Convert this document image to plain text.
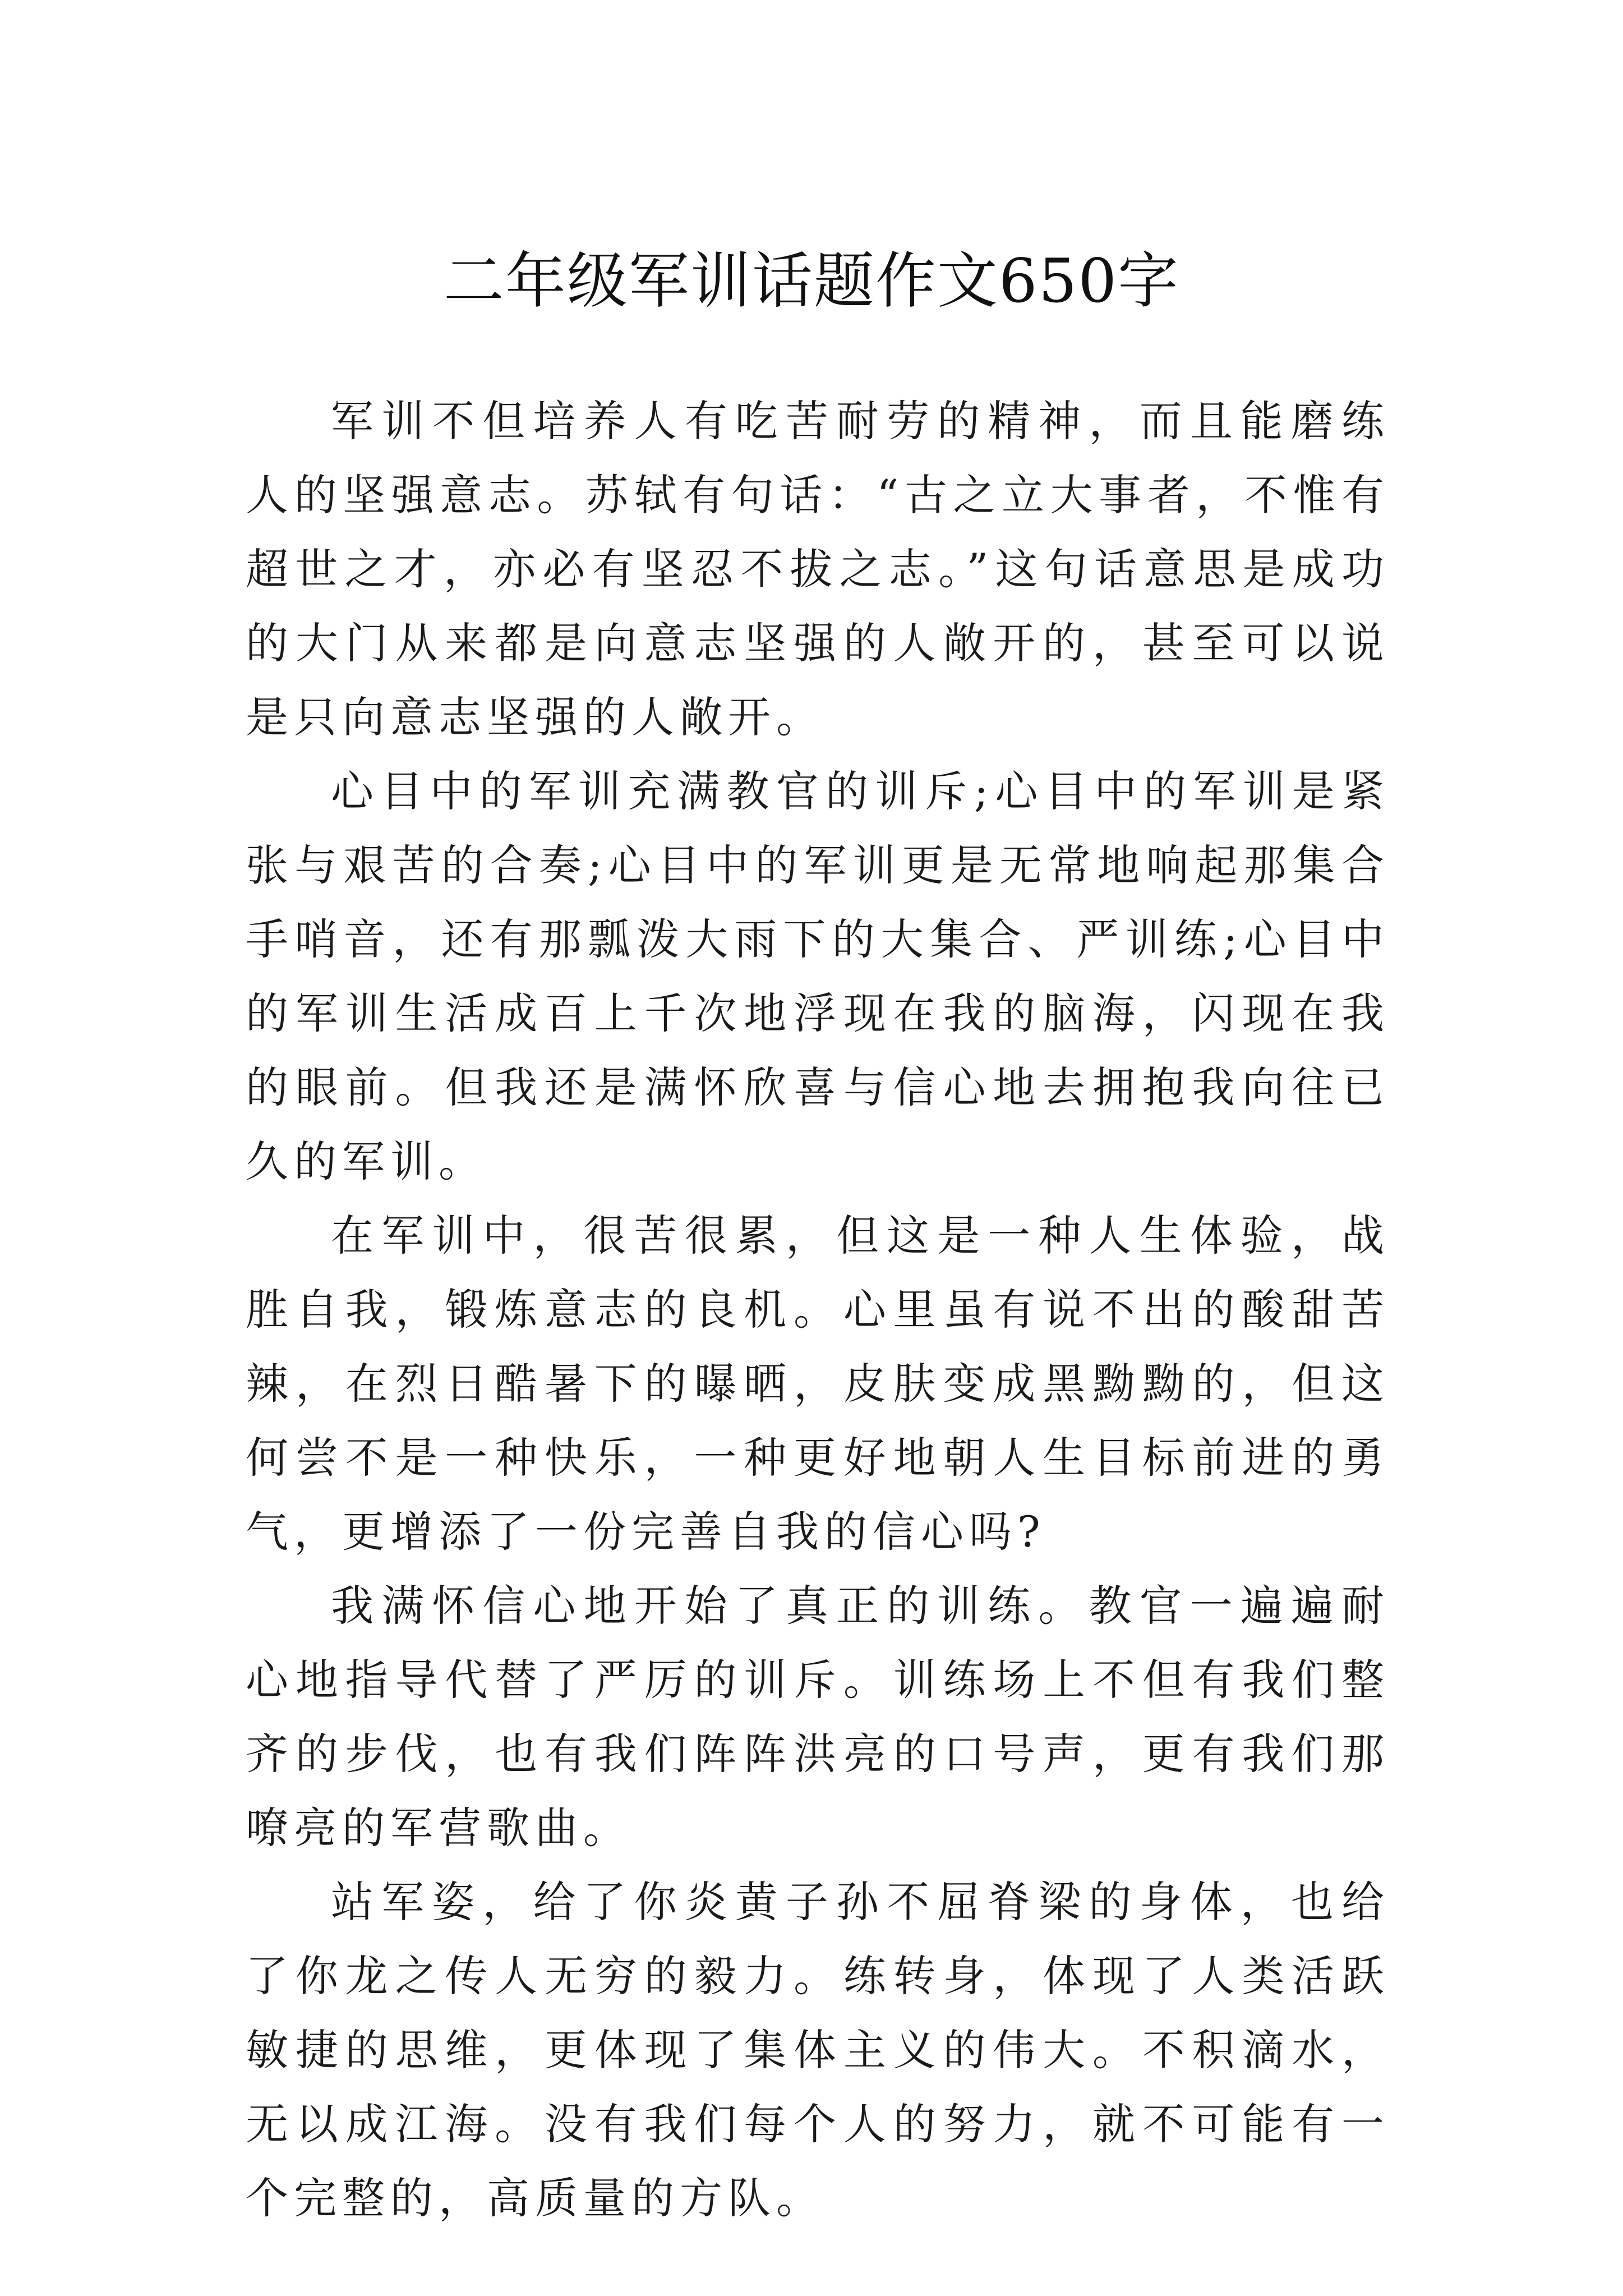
二年级军训话题作文650字

军训不但培养人有吃苦耐劳的精神，而且能磨练人的坚强意志。苏轼有句话：“古之立大事者，不惟有超世之才，亦必有坚忍不拔之志。”这句话意思是成功的大门从来都是向意志坚强的人敞开的，甚至可以说是只向意志坚强的人敞开。

心目中的军训充满教官的训斥;心目中的军训是紧张与艰苦的合奏;心目中的军训更是无常地响起那集合手哨音，还有那瓢泼大雨下的大集合、严训练;心目中的军训生活成百上千次地浮现在我的脑海，闪现在我的眼前。但我还是满怀欣喜与信心地去拥抱我向往已久的军训。

在军训中，很苦很累，但这是一种人生体验，战胜自我，锻炼意志的良机。心里虽有说不出的酸甜苦辣，在烈日酷暑下的曝晒，皮肤变成黑黝黝的，但这何尝不是一种快乐，一种更好地朝人生目标前进的勇气，更增添了一份完善自我的信心吗?

我满怀信心地开始了真正的训练。教官一遍遍耐心地指导代替了严厉的训斥。训练场上不但有我们整齐的步伐，也有我们阵阵洪亮的口号声，更有我们那嘹亮的军营歌曲。

站军姿，给了你炎黄子孙不屈脊梁的身体，也给了你龙之传人无穷的毅力。练转身，体现了人类活跃敏捷的思维，更体现了集体主义的伟大。不积滴水，无以成江海。没有我们每个人的努力，就不可能有一个完整的，高质量的方队。
